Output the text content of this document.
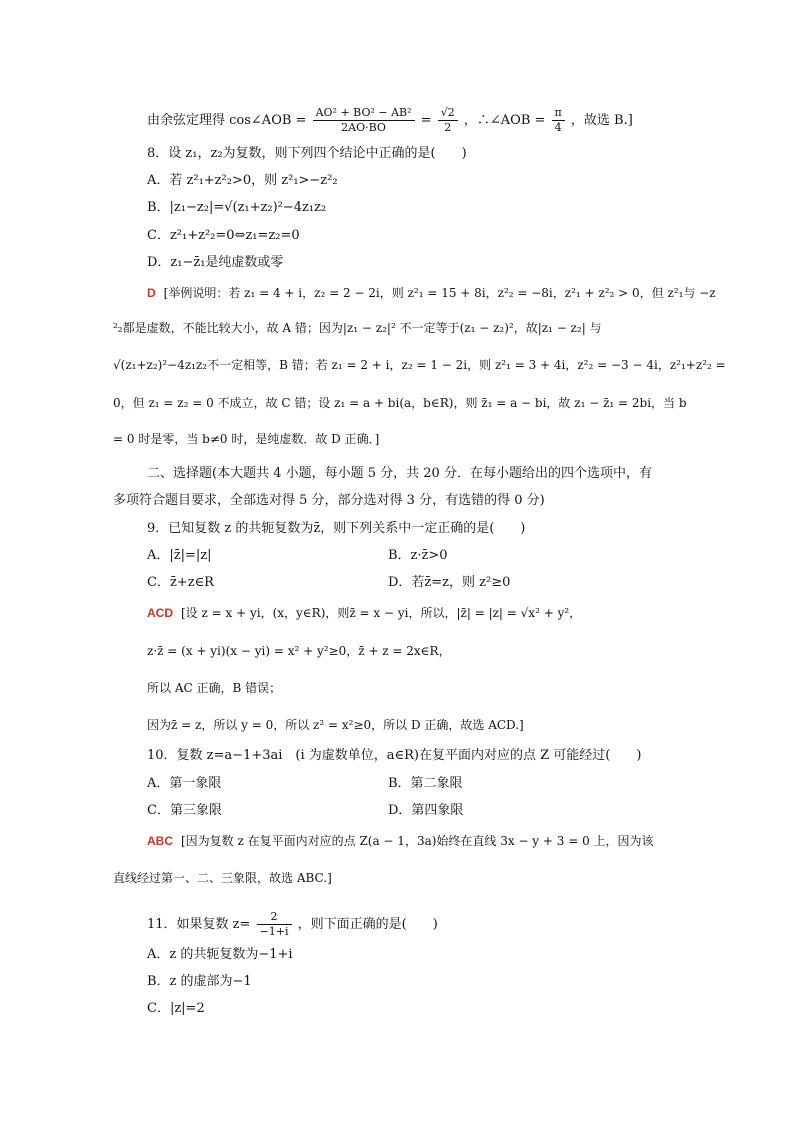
由余弦定理得 cos∠AOB = $\frac{\text{AO² + BO² − AB²}}{2AO\cdot BO} = \frac{√2}{2}$ ，∴∠AOB = $\frac{\pi}{4}$ ，故选 B.]
8．设 z₁，z₂为复数，则下列四个结论中正确的是(　　)
A．若 z²₁+z²₂>0，则 z²₁>−z²₂
B．|z₁−z₂|=√(z₁+z₂)²−4z₁z₂
C．z²₁+z²₂=0⇔z₁=z₂=0
D．z₁−z̄₁是纯虚数或零
D [举例说明：若 z₁ = 4 + i，z₂ = 2 − 2i，则 z²₁ = 15 + 8i，z²₂ = −8i，z²₁ + z²₂ > 0，但 z²₁与 −z
²₂都是虚数，不能比较大小，故 A 错；因为|z₁ − z₂|² 不一定等于(z₁ − z₂)²，故|z₁ − z₂| 与
√(z₁+z₂)²−4z₁z₂不一定相等，B 错；若 z₁ = 2 + i，z₂ = 1 − 2i，则 z²₁ = 3 + 4i，z²₂ = −3 − 4i，z²₁+z²₂ =
0，但 z₁ = z₂ = 0 不成立，故 C 错；设 z₁ = a + bi(a，b∈R)，则 z̄₁ = a − bi，故 z₁ − z̄₁ = 2bi，当 b
= 0 时是零，当 b≠0 时，是纯虚数．故 D 正确．]
二、选择题(本大题共 4 小题，每小题 5 分，共 20 分．在每小题给出的四个选项中，有
多项符合题目要求，全部选对得 5 分，部分选对得 3 分，有选错的得 0 分)
9．已知复数 z 的共轭复数为z̄，则下列关系中一定正确的是(　　)
A．|z̄|=|z|	B．z·z̄>0
C．z̄+z∈R	D．若z̄=z，则 z²≥0
ACD [设 z = x + yi，(x，y∈R)，则z̄ = x − yi，所以，|z̄| = |z| = √x² + y²，
z·z̄ = (x + yi)(x − yi) = x² + y²≥0，z̄ + z = 2x∈R，
所以 AC 正确，B 错误；
因为z̄ = z，所以 y = 0，所以 z² = x²≥0，所以 D 正确，故选 ACD.]
10．复数 z=a−1+3ai　(i 为虚数单位，a∈R)在复平面内对应的点 Z 可能经过(　　)
A．第一象限	B．第二象限
C．第三象限	D．第四象限
ABC [因为复数 z 在复平面内对应的点 Z(a − 1，3a)始终在直线 3x − y + 3 = 0 上，因为该
直线经过第一、二、三象限，故选 ABC.]
11．如果复数 $z= \frac{2}{-1+i}$ ，则下面正确的是(　　)
A．z 的共轭复数为−1+i
B．z 的虚部为−1
C．|z|=2
